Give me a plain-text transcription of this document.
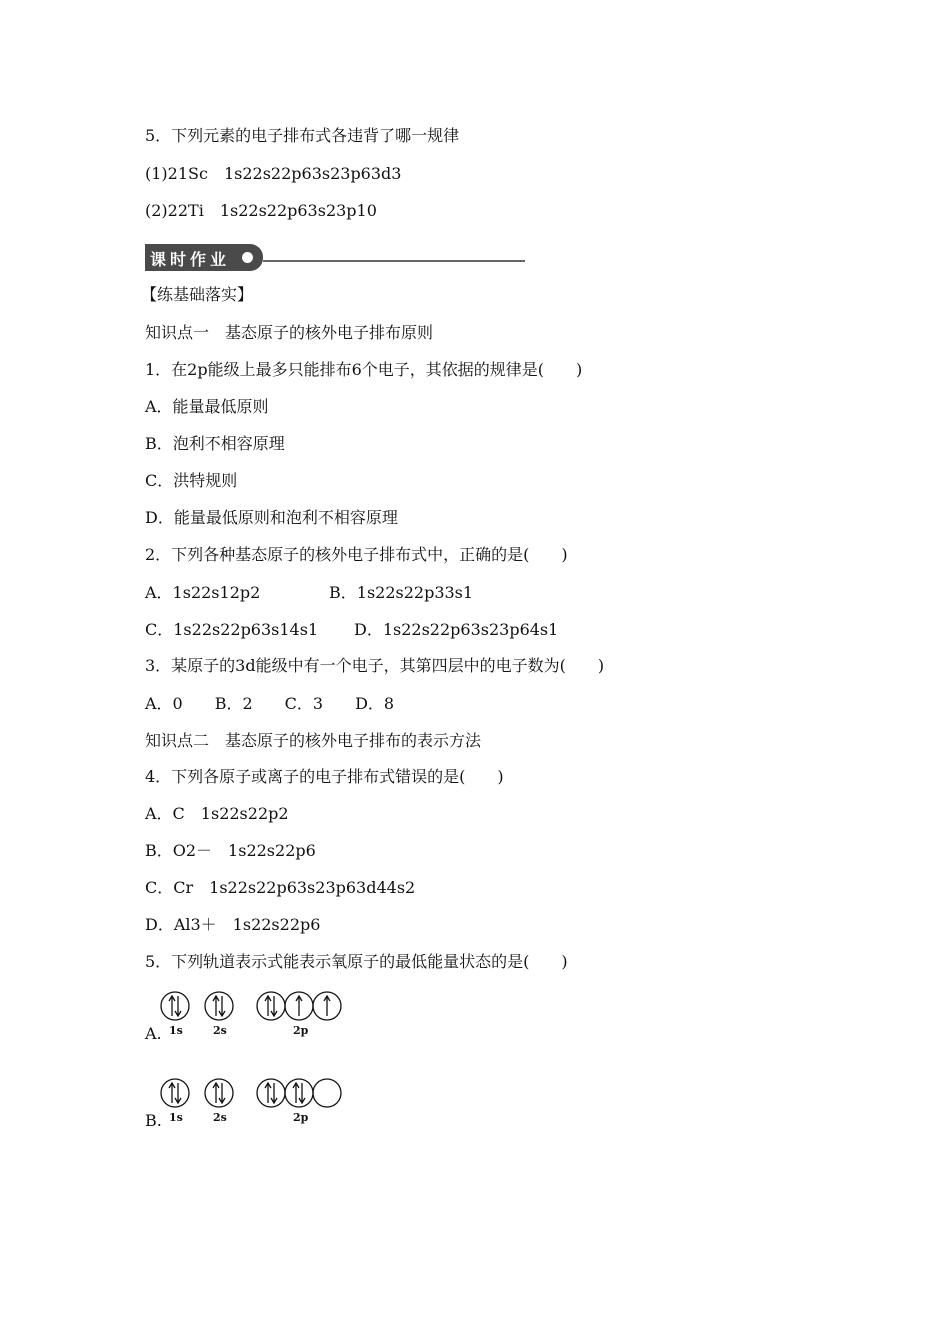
5．下列元素的电子排布式各违背了哪一规律
(1)21Sc　1s22s22p63s23p63d3
(2)22Ti　1s22s22p63s23p10
课时作业
【练基础落实】
知识点一　基态原子的核外电子排布原则
1．在2p能级上最多只能排布6个电子，其依据的规律是(　　)
A．能量最低原则
B．泡利不相容原理
C．洪特规则
D．能量最低原则和泡利不相容原理
2．下列各种基态原子的核外电子排布式中，正确的是(　　)
A．1s22s12p2	B．1s22s22p33s1
C．1s22s22p63s14s1 D．1s22s22p63s23p64s1
3．某原子的3d能级中有一个电子，其第四层中的电子数为(　　)
A．0　　B．2　　C．3　　D．8
知识点二　基态原子的核外电子排布的表示方法
4．下列各原子或离子的电子排布式错误的是(　　)
A．C　1s22s22p2
B．O2－　1s22s22p6
C．Cr　1s22s22p63s23p63d44s2
D．Al3＋　1s22s22p6
5．下列轨道表示式能表示氧原子的最低能量状态的是(　　)
A. 1s	2s	2p
B. 1s	2s	2p
